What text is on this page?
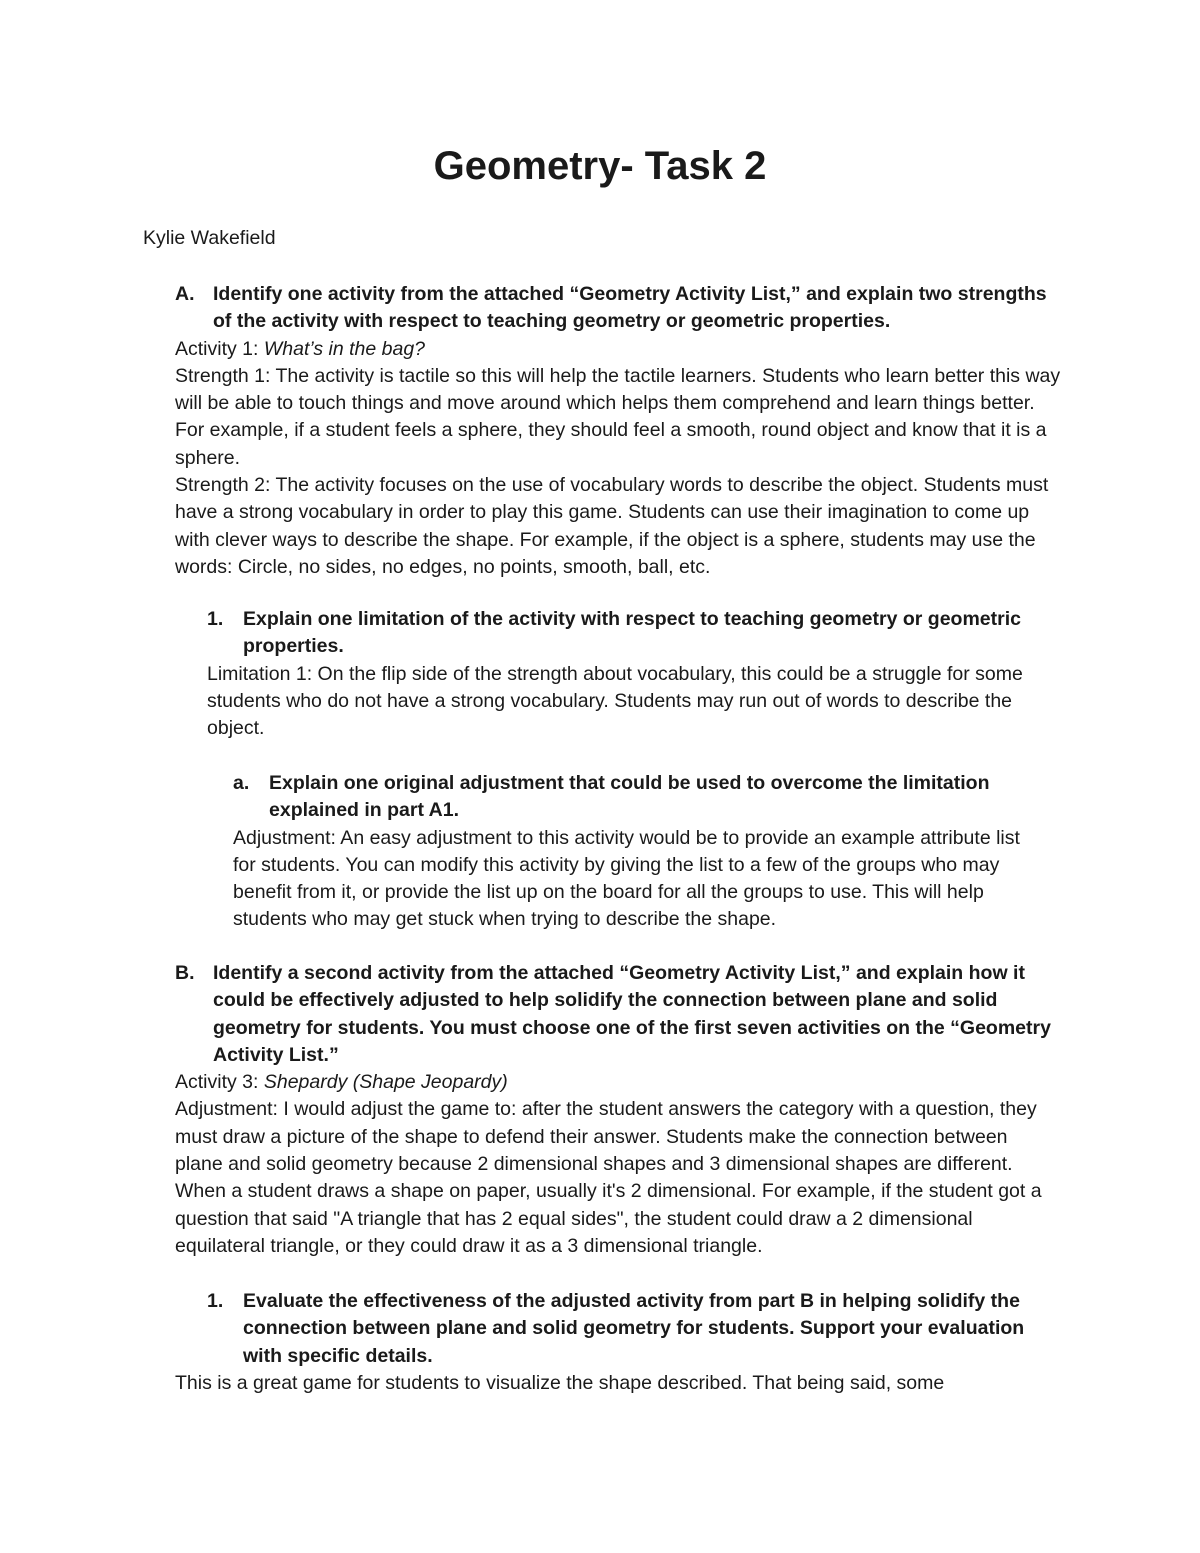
Geometry- Task 2

Kylie Wakefield

A. Identify one activity from the attached “Geometry Activity List,” and explain two strengths of the activity with respect to teaching geometry or geometric properties.

Activity 1: What’s in the bag?

Strength 1: The activity is tactile so this will help the tactile learners. Students who learn better this way will be able to touch things and move around which helps them comprehend and learn things better. For example, if a student feels a sphere, they should feel a smooth, round object and know that it is a sphere.

Strength 2: The activity focuses on the use of vocabulary words to describe the object. Students must have a strong vocabulary in order to play this game. Students can use their imagination to come up with clever ways to describe the shape. For example, if the object is a sphere, students may use the words: Circle, no sides, no edges, no points, smooth, ball, etc.

1.	Explain one limitation of the activity with respect to teaching geometry or geometric properties.

Limitation 1: On the flip side of the strength about vocabulary, this could be a struggle for some students who do not have a strong vocabulary. Students may run out of words to describe the object.

a.	Explain one original adjustment that could be used to overcome the limitation explained in part A1.

Adjustment: An easy adjustment to this activity would be to provide an example attribute list for students. You can modify this activity by giving the list to a few of the groups who may benefit from it, or provide the list up on the board for all the groups to use. This will help students who may get stuck when trying to describe the shape.

B. Identify a second activity from the attached “Geometry Activity List,” and explain how it could be effectively adjusted to help solidify the connection between plane and solid geometry for students. You must choose one of the first seven activities on the “Geometry Activity List.”

Activity 3: Shepardy (Shape Jeopardy)

Adjustment: I would adjust the game to: after the student answers the category with a question, they must draw a picture of the shape to defend their answer. Students make the connection between plane and solid geometry because 2 dimensional shapes and 3 dimensional shapes are different. When a student draws a shape on paper, usually it's 2 dimensional. For example, if the student got a question that said "A triangle that has 2 equal sides", the student could draw a 2 dimensional equilateral triangle, or they could draw it as a 3 dimensional triangle.

1.	Evaluate the effectiveness of the adjusted activity from part B in helping solidify the connection between plane and solid geometry for students. Support your evaluation with specific details.

This is a great game for students to visualize the shape described. That being said, some
